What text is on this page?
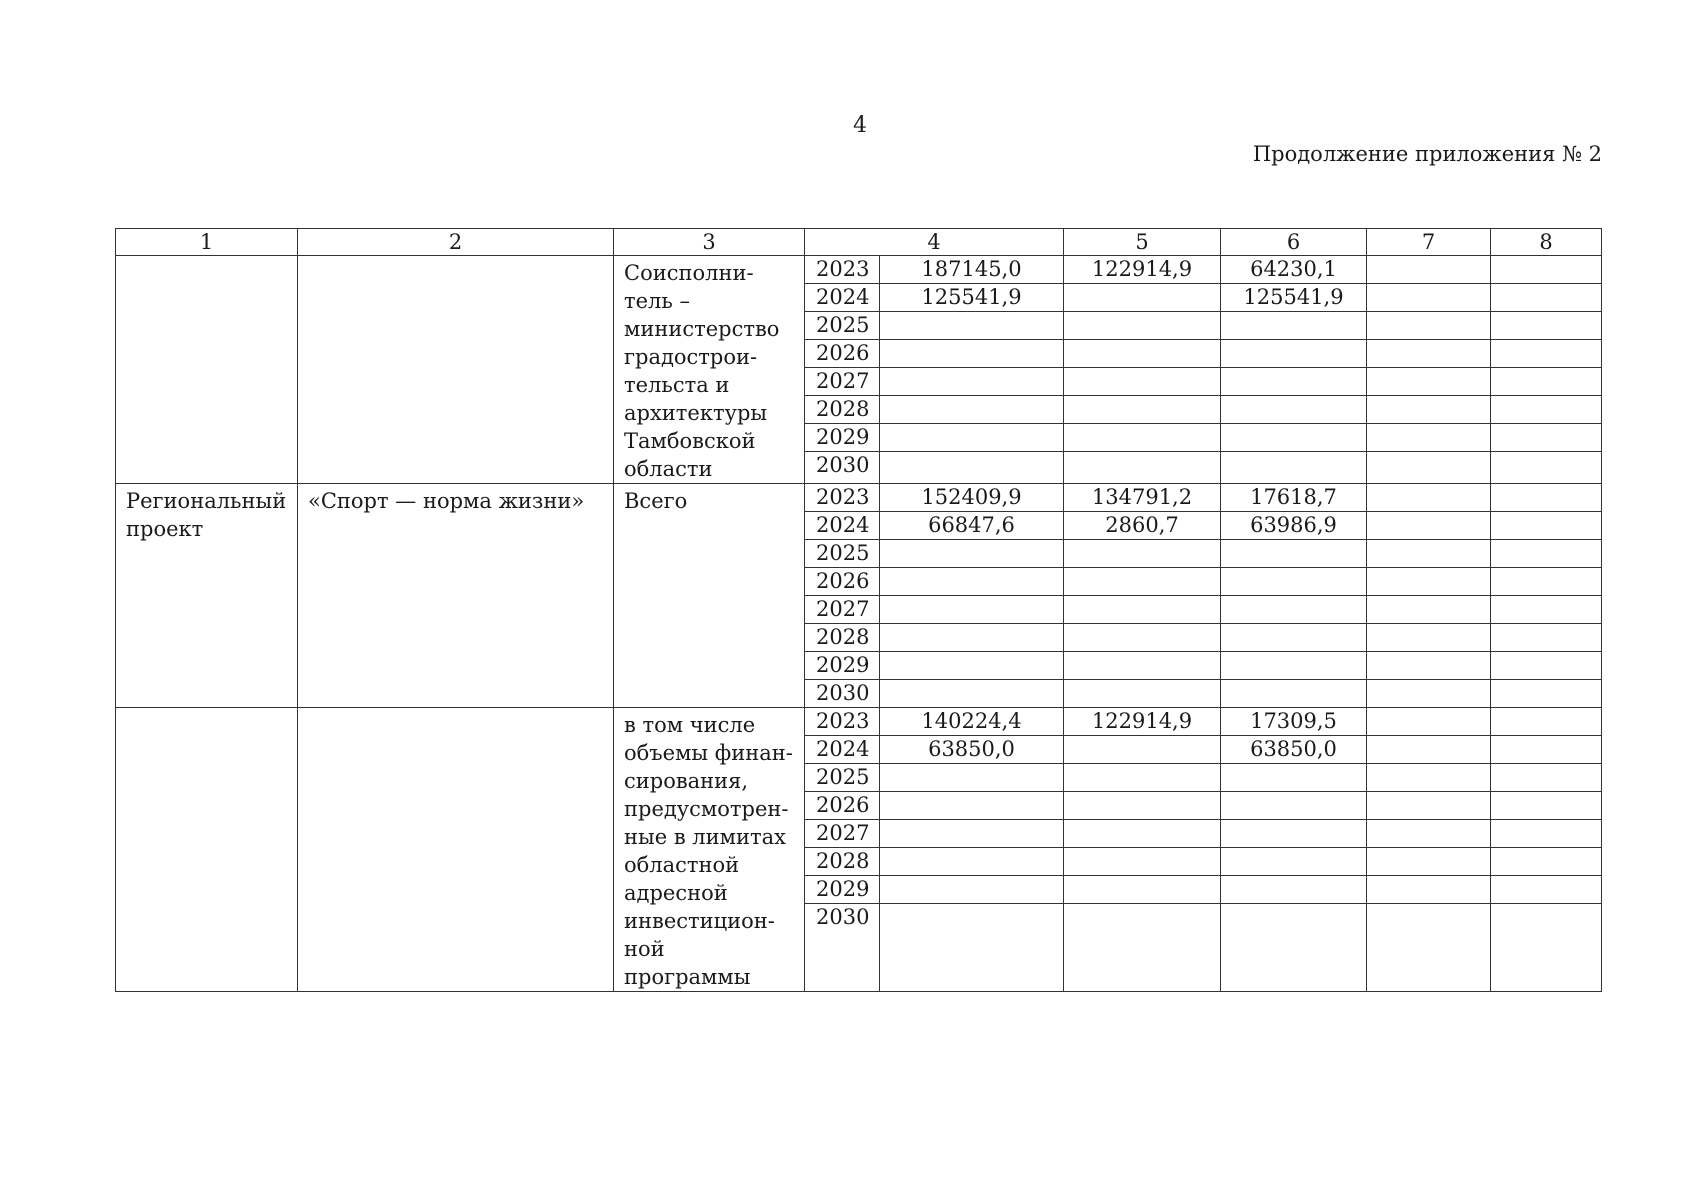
4
Продолжение приложения № 2
1	2	3	4		5	6	7	8
		Соисполни-тель – министерство градострои-тельста и архитектуры Тамбовской области	2023	187145,0	122914,9	64230,1		
			2024	125541,9		125541,9		
			2025					
			2026					
			2027					
			2028					
			2029					
			2030					

Региональный проект	«Спорт — норма жизни»	Всего	2023	152409,9	134791,2	17618,7		
			2024	66847,6	2860,7	63986,9		
			2025					
			2026					
			2027					
			2028					
			2029					
			2030					

		в том числе объемы финан-сирования, предусмотрен-ные в лимитах областной адресной инвестицион-ной программы	2023	140224,4	122914,9	17309,5		
			2024	63850,0		63850,0		
			2025					
			2026					
			2027					
			2028					
			2029					
			2030					
